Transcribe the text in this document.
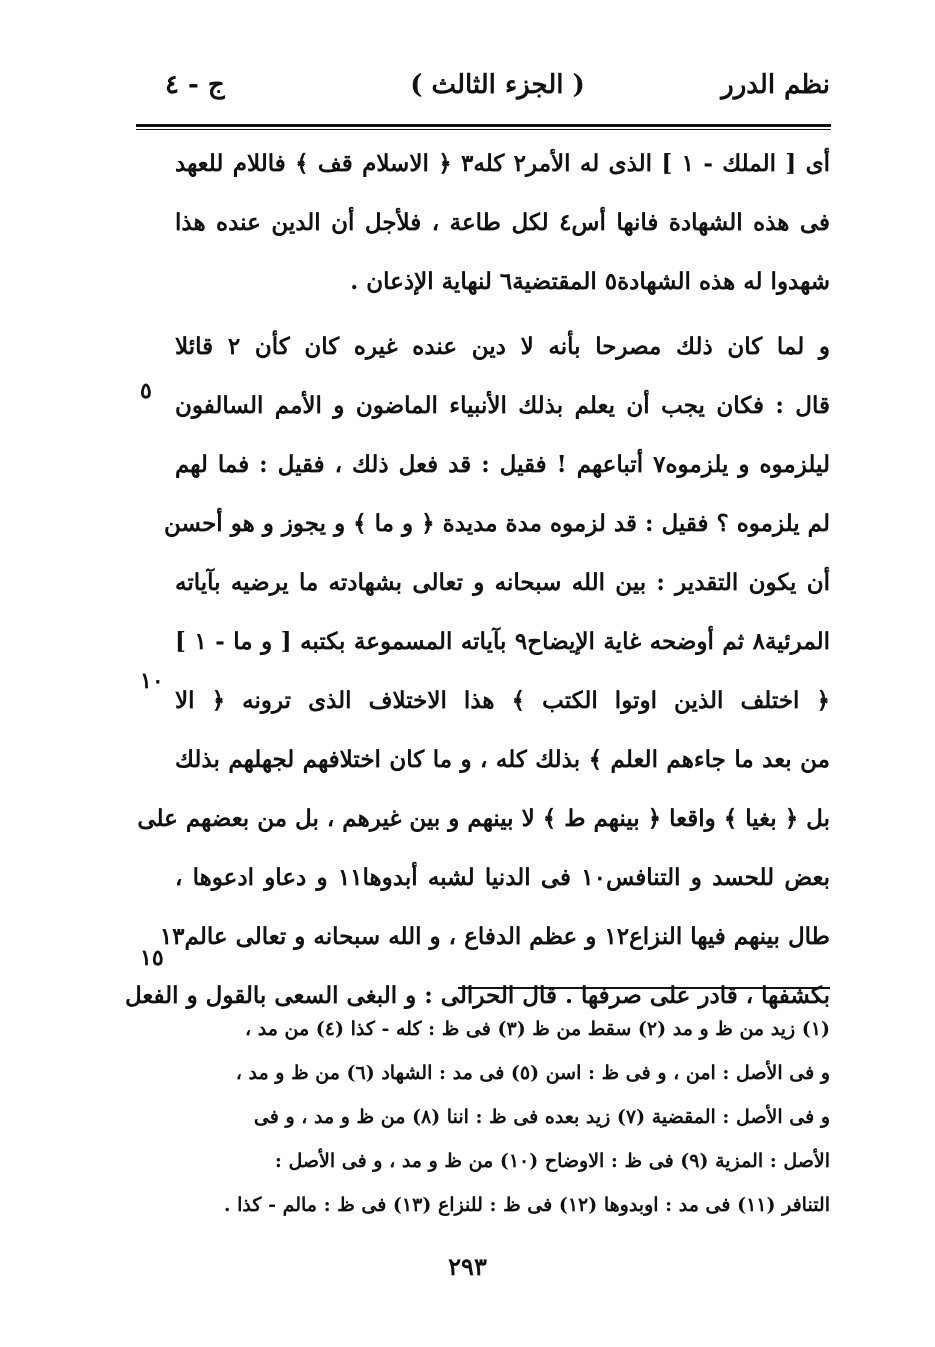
نظم الدرر
( الجزء الثالث )
ج - ٤
أى [ الملك - ١ ] الذى له الأمر٢ كله٣ ﴿ الاسلام قف ﴾ فاللام للعهد
فى هذه الشهادة فانها أس٤ لكل طاعة ، فلأجل أن الدين عنده هذا
شهدوا له هذه الشهادة٥ المقتضية٦ لنهاية الإذعان .
و لما كان ذلك مصرحا بأنه لا دين عنده غيره كان كأن ٢ قائلا
قال : فكان يجب أن يعلم بذلك الأنبياء الماضون و الأمم السالفون
ليلزموه و يلزموه٧ أتباعهم ! فقيل : قد فعل ذلك ، فقيل : فما لهم
لم يلزموه ؟ فقيل : قد لزموه مدة مديدة ﴿ و ما ﴾ و يجوز و هو أحسن
أن يكون التقدير : بين الله سبحانه و تعالى بشهادته ما يرضيه بآياته
المرئية٨ ثم أوضحه غاية الإيضاح٩ بآياته المسموعة بكتبه [ و ما - ١ ]
﴿ اختلف الذين اوتوا الكتب ﴾ هذا الاختلاف الذى ترونه ﴿ الا
من بعد ما جاءهم العلم ﴾ بذلك كله ، و ما كان اختلافهم لجهلهم بذلك
بل ﴿ بغيا ﴾ واقعا ﴿ بينهم ط ﴾ لا بينهم و بين غيرهم ، بل من بعضهم على
بعض للحسد و التنافس١٠ فى الدنيا لشبه أبدوها١١ و دعاو ادعوها ،
طال بينهم فيها النزاع١٢ و عظم الدفاع ، و الله سبحانه و تعالى عالم١٣
بكشفها ، قادر على صرفها . قال الحرالى : و البغى السعى بالقول و الفعل
٥
١٠
١٥
(١) زيد من ظ و مد (٢) سقط من ظ (٣) فى ظ : كله - كذا (٤) من مد ،
و فى الأصل : امن ، و فى ظ : اسن (٥) فى مد : الشهاد (٦) من ظ و مد ،
و فى الأصل : المقضية (٧) زيد بعده فى ظ : اننا (٨) من ظ و مد ، و فى
الأصل : المزية (٩) فى ظ : الاوضاح (١٠) من ظ و مد ، و فى الأصل :
التنافر (١١) فى مد : اوبدوها (١٢) فى ظ : للنزاع (١٣) فى ظ : مالم - كذا .
٢٩٣
